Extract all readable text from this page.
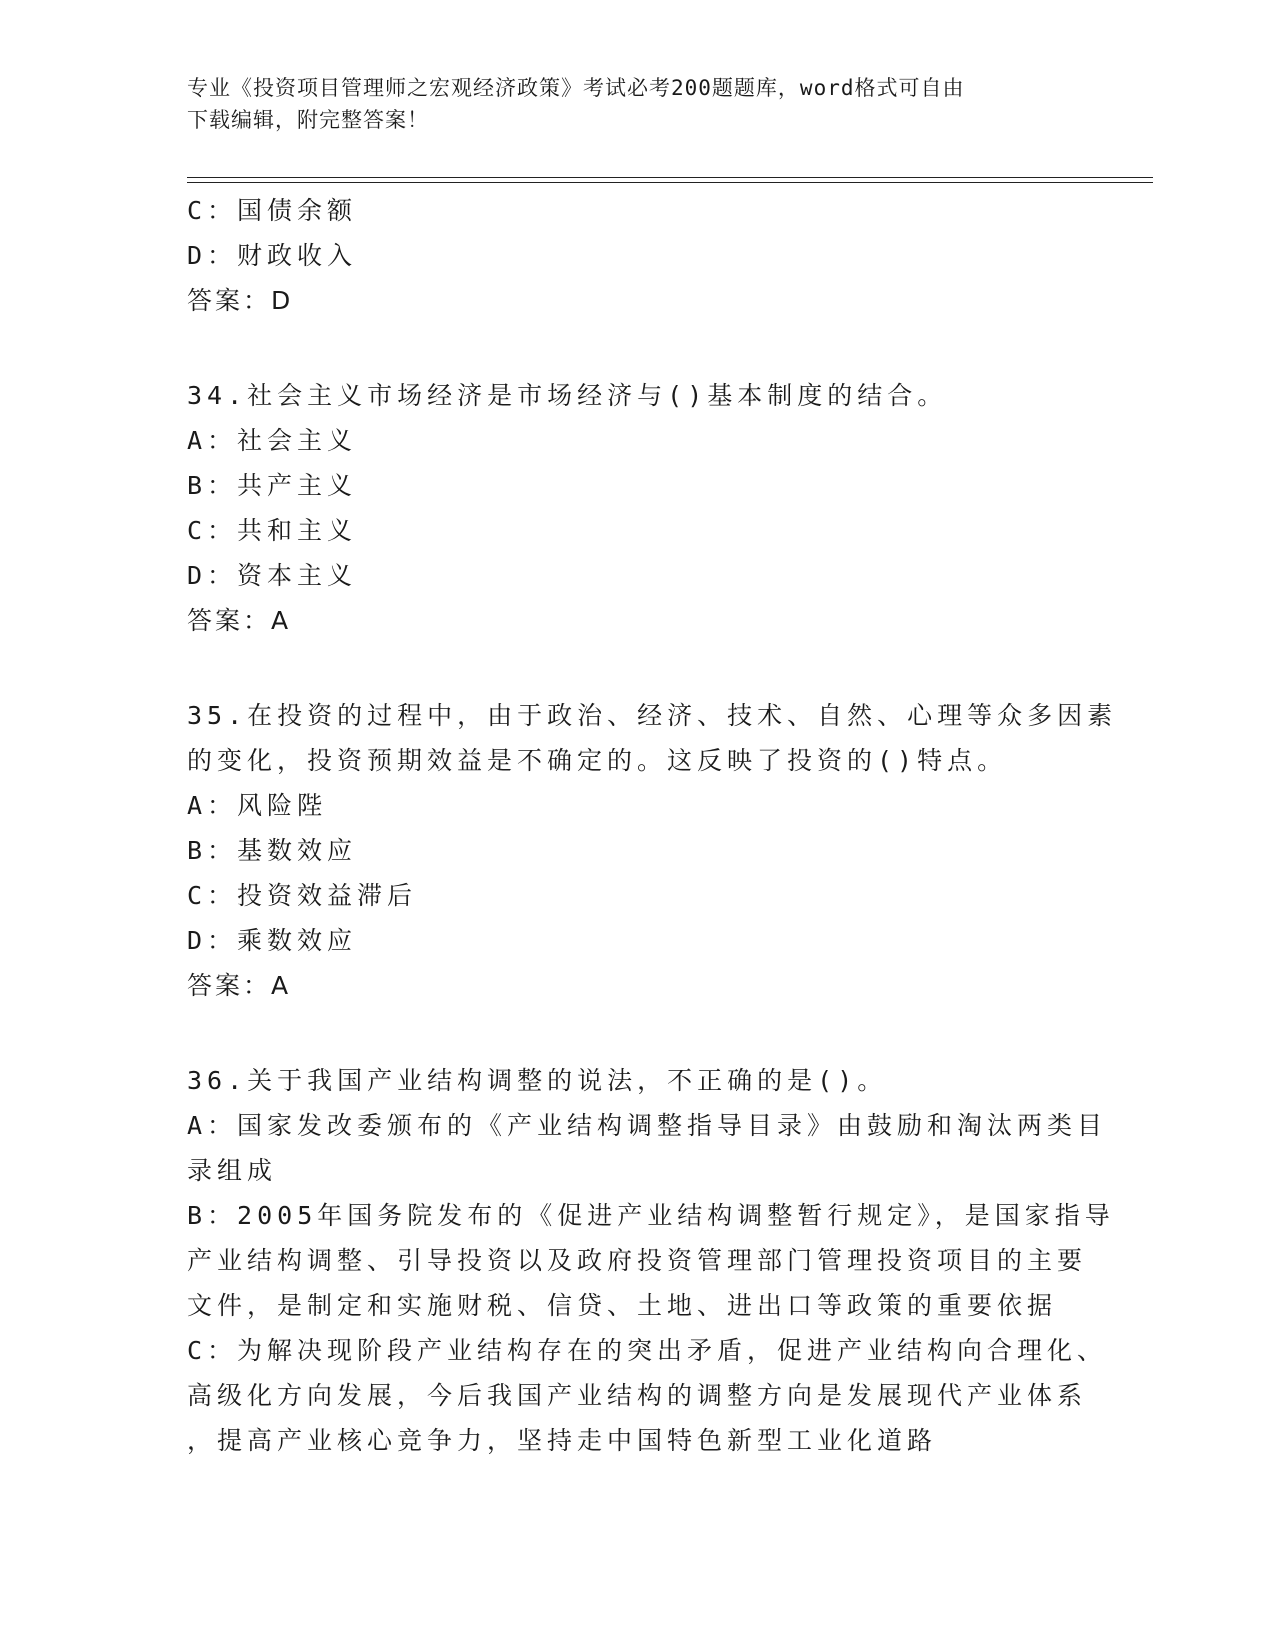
专业《投资项目管理师之宏观经济政策》考试必考200题题库，word格式可自由
下载编辑，附完整答案！
C：国债余额
D：财政收入
答案：D
34.社会主义市场经济是市场经济与()基本制度的结合。
A：社会主义
B：共产主义
C：共和主义
D：资本主义
答案：A
35.在投资的过程中，由于政治、经济、技术、自然、心理等众多因素
的变化，投资预期效益是不确定的。这反映了投资的()特点。
A：风险陛
B：基数效应
C：投资效益滞后
D：乘数效应
答案：A
36.关于我国产业结构调整的说法，不正确的是()。
A：国家发改委颁布的《产业结构调整指导目录》由鼓励和淘汰两类目
录组成
B：2005年国务院发布的《促进产业结构调整暂行规定》，是国家指导
产业结构调整、引导投资以及政府投资管理部门管理投资项目的主要
文件，是制定和实施财税、信贷、土地、进出口等政策的重要依据
C：为解决现阶段产业结构存在的突出矛盾，促进产业结构向合理化、
高级化方向发展，今后我国产业结构的调整方向是发展现代产业体系
，提高产业核心竞争力，坚持走中国特色新型工业化道路
